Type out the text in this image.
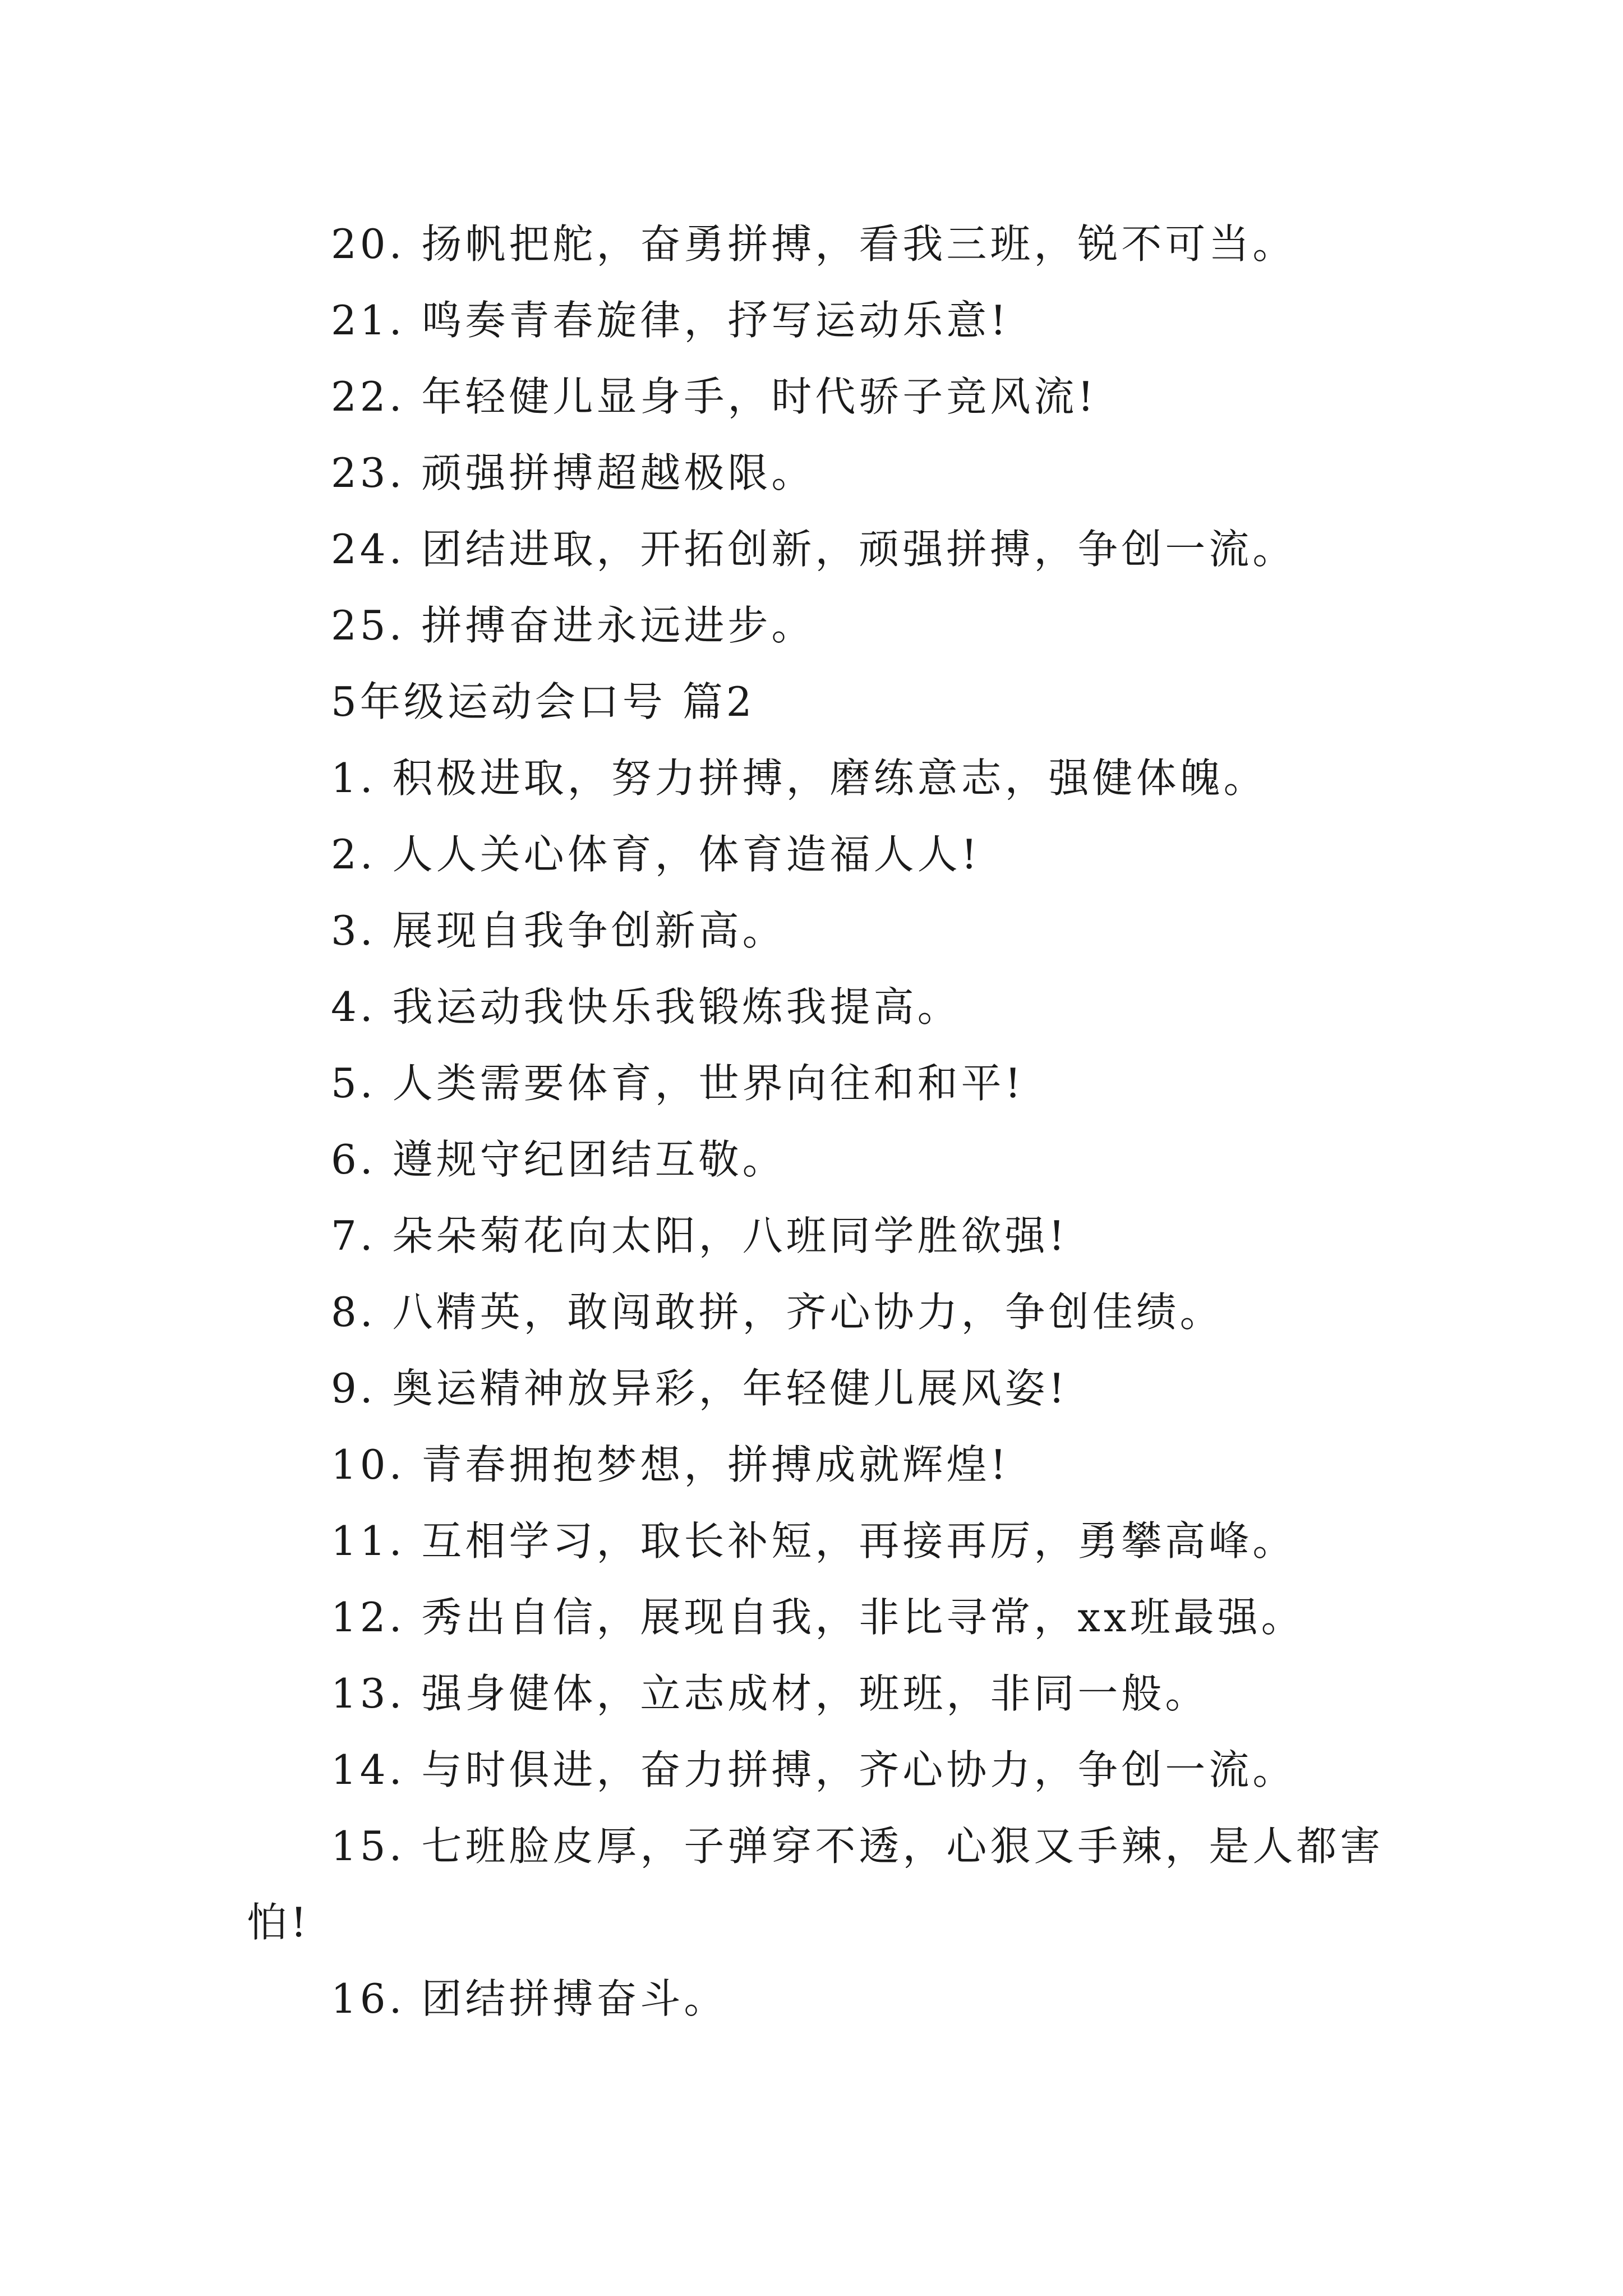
20. 扬帆把舵，奋勇拼搏，看我三班，锐不可当。

21. 鸣奏青春旋律，抒写运动乐意!

22. 年轻健儿显身手，时代骄子竞风流!

23. 顽强拼搏超越极限。

24. 团结进取，开拓创新，顽强拼搏，争创一流。

25. 拼搏奋进永远进步。

5年级运动会口号 篇2

1. 积极进取，努力拼搏，磨练意志，强健体魄。

2. 人人关心体育，体育造福人人!

3. 展现自我争创新高。

4. 我运动我快乐我锻炼我提高。

5. 人类需要体育，世界向往和和平!

6. 遵规守纪团结互敬。

7. 朵朵菊花向太阳，八班同学胜欲强!

8. 八精英，敢闯敢拼，齐心协力，争创佳绩。

9. 奥运精神放异彩，年轻健儿展风姿!

10. 青春拥抱梦想，拼搏成就辉煌!

11. 互相学习，取长补短，再接再厉，勇攀高峰。

12. 秀出自信，展现自我，非比寻常，xx班最强。

13. 强身健体，立志成材，班班，非同一般。

14. 与时俱进，奋力拼搏，齐心协力，争创一流。

15. 七班脸皮厚，子弹穿不透，心狠又手辣，是人都害

怕!

16. 团结拼搏奋斗。
